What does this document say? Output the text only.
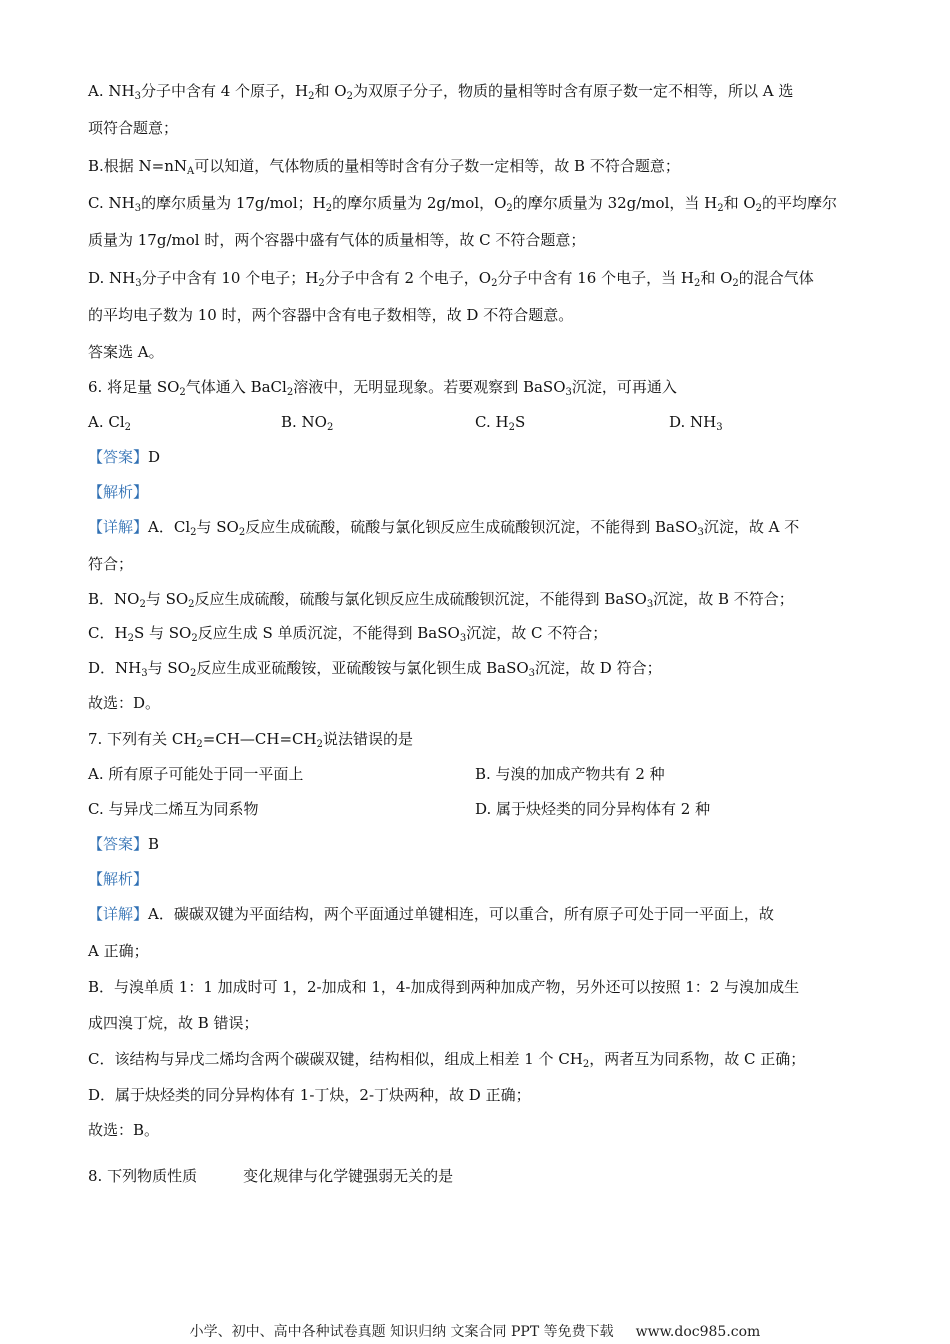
A. $NH_3$分子中含有 4 个原子，$H_2$和 $O_2$为双原子分子，物质的量相等时含有原子数一定不相等，所以 A 选
项符合题意；
B.根据 $N=nN_A$可以知道，气体物质的量相等时含有分子数一定相等，故 B 不符合题意；
C. $NH_3$的摩尔质量为 17g/mol；$H_2$的摩尔质量为 2g/mol，$O_2$的摩尔质量为 32g/mol，当 $H_2$和 $O_2$的平均摩尔
质量为 17g/mol 时，两个容器中盛有气体的质量相等，故 C 不符合题意；
D. $NH_3$分子中含有 10 个电子；$H_2$分子中含有 2 个电子，$O_2$分子中含有 16 个电子，当 $H_2$和 $O_2$的混合气体
的平均电子数为 10 时，两个容器中含有电子数相等，故 D 不符合题意。
答案选 A。
6. 将足量 $SO_2$气体通入 BaCl$_2$溶液中，无明显现象。若要观察到 BaSO$_3$沉淀，可再通入
A. $Cl_2$	B. $NO_2$	C. $H_2S$	D. $NH_3$
【答案】D
【解析】
【详解】A．$Cl_2$与 $SO_2$反应生成硫酸，硫酸与氯化钡反应生成硫酸钡沉淀，不能得到 BaSO$_3$沉淀，故 A 不
符合；
B．$NO_2$与 $SO_2$反应生成硫酸，硫酸与氯化钡反应生成硫酸钡沉淀，不能得到 BaSO$_3$沉淀，故 B 不符合；
C．$H_2S$ 与 $SO_2$反应生成 S 单质沉淀，不能得到 BaSO$_3$沉淀，故 C 不符合；
D．$NH_3$与 $SO_2$反应生成亚硫酸铵，亚硫酸铵与氯化钡生成 BaSO$_3$沉淀，故 D 符合；
故选：D。
7. 下列有关 $CH_2=CH—CH=CH_2$说法错误的是
A. 所有原子可能处于同一平面上	B. 与溴的加成产物共有 2 种
C. 与异戊二烯互为同系物	D. 属于炔烃类的同分异构体有 2 种
【答案】B
【解析】
【详解】A．碳碳双键为平面结构，两个平面通过单键相连，可以重合，所有原子可处于同一平面上，故
A 正确；
B．与溴单质 1：1 加成时可 1，2-加成和 1，4-加成得到两种加成产物，另外还可以按照 1：2 与溴加成生
成四溴丁烷，故 B 错误；
C．该结构与异戊二烯均含两个碳碳双键，结构相似，组成上相差 1 个 $CH_2$，两者互为同系物，故 C 正确；
D．属于炔烃类的同分异构体有 1-丁炔，2-丁炔两种，故 D 正确；
故选：B。
8. 下列物质性质	变化规律与化学键强弱无关的是
小学、初中、高中各种试卷真题 知识归纳 文案合同 PPT 等免费下载 www.doc985.com
